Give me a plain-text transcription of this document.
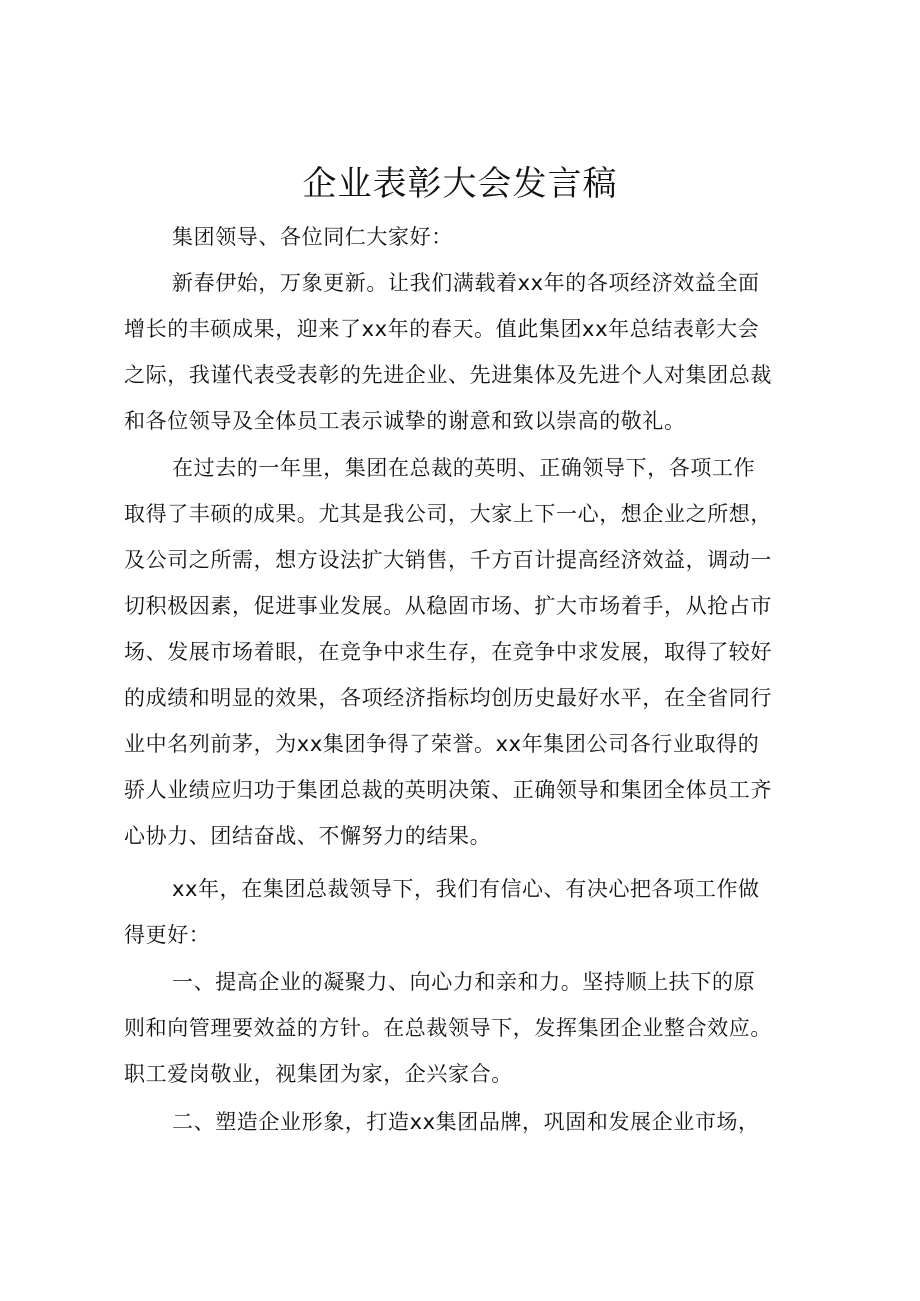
企业表彰大会发言稿
集团领导、各位同仁大家好：
新春伊始，万象更新。让我们满载着xx年的各项经济效益全面
增长的丰硕成果，迎来了xx年的春天。值此集团xx年总结表彰大会
之际，我谨代表受表彰的先进企业、先进集体及先进个人对集团总裁
和各位领导及全体员工表示诚挚的谢意和致以崇高的敬礼。
在过去的一年里，集团在总裁的英明、正确领导下，各项工作
取得了丰硕的成果。尤其是我公司，大家上下一心，想企业之所想，
及公司之所需，想方设法扩大销售，千方百计提高经济效益，调动一
切积极因素，促进事业发展。从稳固市场、扩大市场着手，从抢占市
场、发展市场着眼，在竞争中求生存，在竞争中求发展，取得了较好
的成绩和明显的效果，各项经济指标均创历史最好水平，在全省同行
业中名列前茅，为xx集团争得了荣誉。xx年集团公司各行业取得的
骄人业绩应归功于集团总裁的英明决策、正确领导和集团全体员工齐
心协力、团结奋战、不懈努力的结果。
xx年，在集团总裁领导下，我们有信心、有决心把各项工作做
得更好：
一、提高企业的凝聚力、向心力和亲和力。坚持顺上扶下的原
则和向管理要效益的方针。在总裁领导下，发挥集团企业整合效应。
职工爱岗敬业，视集团为家，企兴家合。
二、塑造企业形象，打造xx集团品牌，巩固和发展企业市场，
